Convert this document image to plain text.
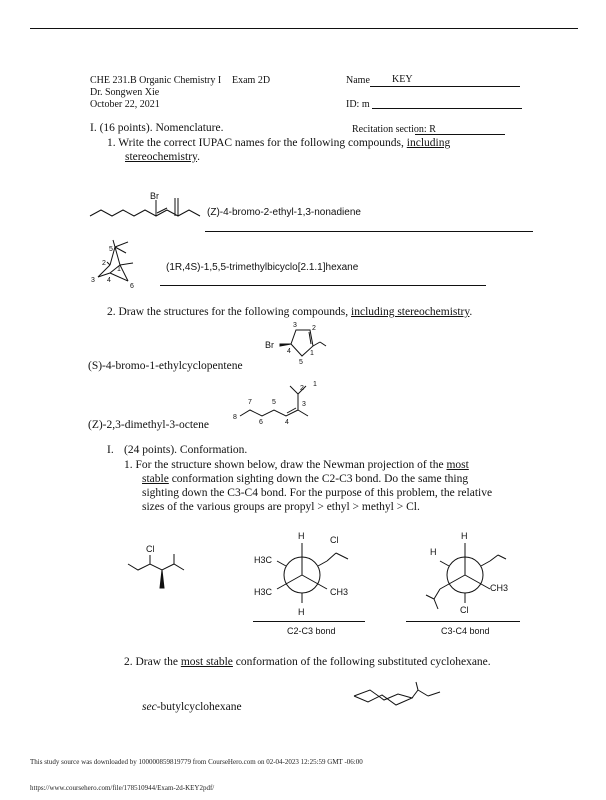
CHE 231.B Organic Chemistry I Exam 2D
Dr. Songwen Xie
October 22, 2021
Name KEY
ID: m
I. (16 points). Nomenclature.	Recitation section: R
1. Write the correct IUPAC names for the following compounds, including
stereochemistry.
Br
(Z)-4-bromo-2-ethyl-1,3-nonadiene
5
2
1
3 4
6
(1R,4S)-1,5,5-trimethylbicyclo[2.1.1]hexane
2. Draw the structures for the following compounds, including stereochemistry.
(S)-4-bromo-1-ethylcyclopentene
Br
3 2
4	1
5
(Z)-2,3-dimethyl-3-octene
8
7
6
5
4
3
2
1
I. (24 points). Conformation.
1. For the structure shown below, draw the Newman projection of the most
stable conformation sighting down the C2-C3 bond. Do the same thing
sighting down the C3-C4 bond. For the purpose of this problem, the relative
sizes of the various groups are propyl > ethyl > methyl > Cl.
Cl
H
H3C
Cl
H3C	CH3
H
C2-C3 bond
H
H
CH3
Cl
C3-C4 bond
2. Draw the most stable conformation of the following substituted cyclohexane.
sec-butylcyclohexane
This study source was downloaded by 100000859819779 from CourseHero.com on 02-04-2023 12:25:59 GMT -06:00
https://www.coursehero.com/file/178510944/Exam-2d-KEY2pdf/
